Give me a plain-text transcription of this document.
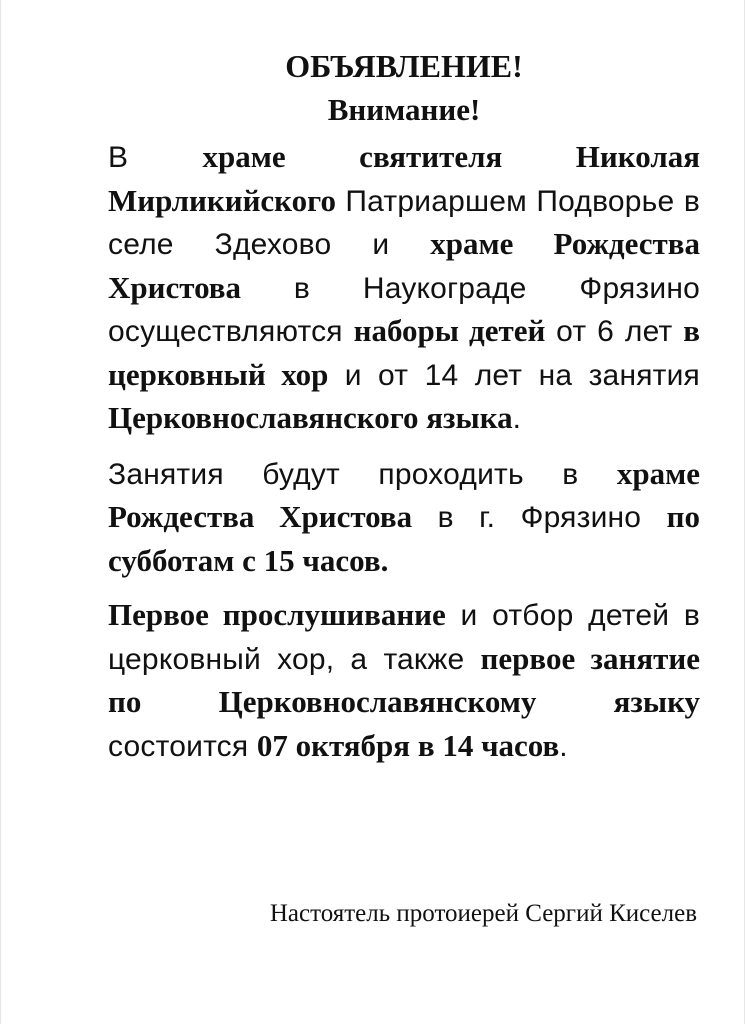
ОБЪЯВЛЕНИЕ!
Внимание!

В храме святителя Николая Мирликийского Патриаршем Подворье в селе Здехово и храме Рождества Христова в Наукограде Фрязино осуществляются наборы детей от 6 лет в церковный хор и от 14 лет на занятия Церковнославянского языка.

Занятия будут проходить в храме Рождества Христова в г. Фрязино по субботам с 15 часов.

Первое прослушивание и отбор детей в церковный хор, а также первое занятие по Церковнославянскому языку состоится 07 октября в 14 часов.

Настоятель протоиерей Сергий Киселев
